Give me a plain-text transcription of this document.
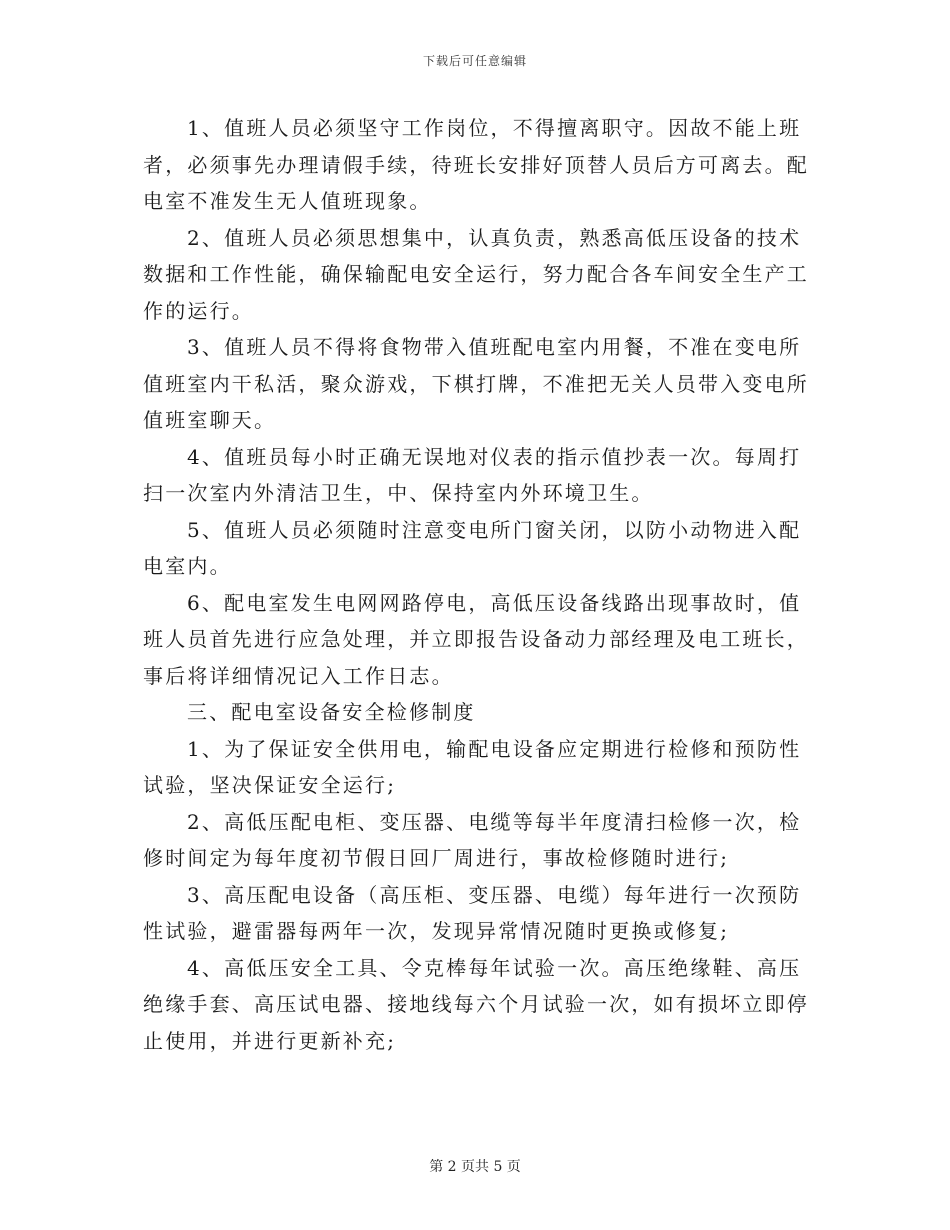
下载后可任意编辑

1、值班人员必须坚守工作岗位，不得擅离职守。因故不能上班者，必须事先办理请假手续，待班长安排好顶替人员后方可离去。配电室不准发生无人值班现象。

2、值班人员必须思想集中，认真负责，熟悉高低压设备的技术数据和工作性能，确保输配电安全运行，努力配合各车间安全生产工作的运行。

3、值班人员不得将食物带入值班配电室内用餐，不准在变电所值班室内干私活，聚众游戏，下棋打牌，不准把无关人员带入变电所值班室聊天。

4、值班员每小时正确无误地对仪表的指示值抄表一次。每周打扫一次室内外清洁卫生，中、保持室内外环境卫生。

5、值班人员必须随时注意变电所门窗关闭，以防小动物进入配电室内。

6、配电室发生电网网路停电，高低压设备线路出现事故时，值班人员首先进行应急处理，并立即报告设备动力部经理及电工班长，事后将详细情况记入工作日志。

三、配电室设备安全检修制度

1、为了保证安全供用电，输配电设备应定期进行检修和预防性试验，坚决保证安全运行;

2、高低压配电柜、变压器、电缆等每半年度清扫检修一次，检修时间定为每年度初节假日回厂周进行，事故检修随时进行;

3、高压配电设备（高压柜、变压器、电缆）每年进行一次预防性试验，避雷器每两年一次，发现异常情况随时更换或修复;

4、高低压安全工具、令克棒每年试验一次。高压绝缘鞋、高压绝缘手套、高压试电器、接地线每六个月试验一次，如有损坏立即停止使用，并进行更新补充;

第 2 页共 5 页
